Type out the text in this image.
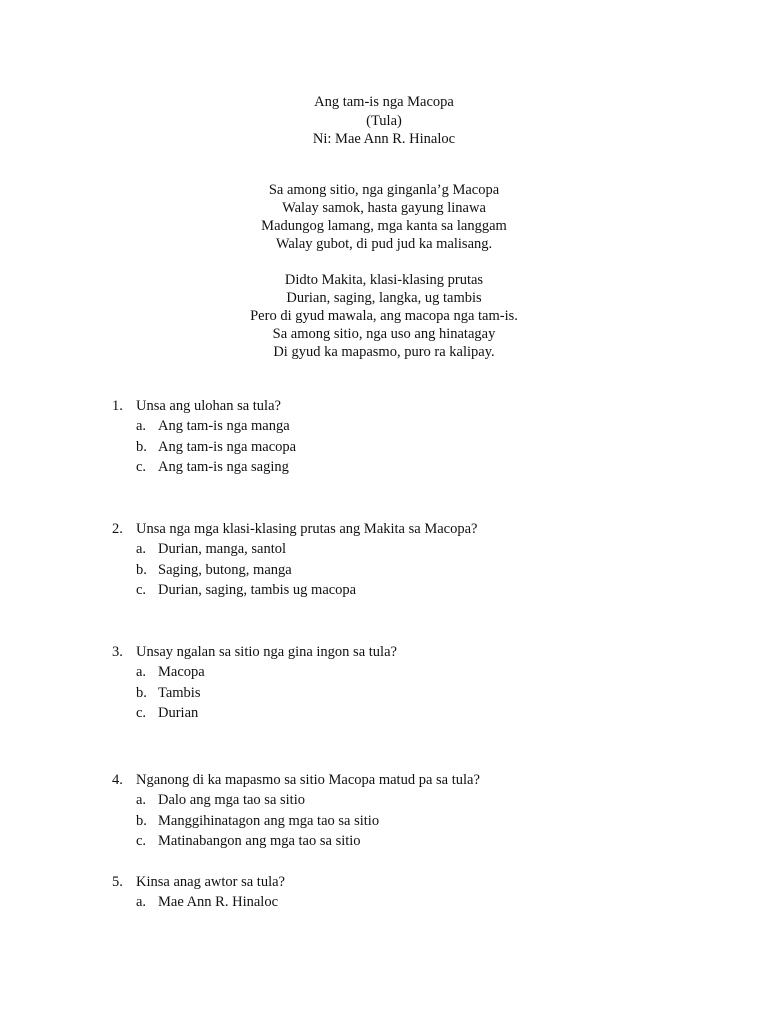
Ang tam-is nga Macopa
(Tula)
Ni: Mae Ann R. Hinaloc
Sa among sitio, nga ginganla’g Macopa
Walay samok, hasta gayung linawa
Madungog lamang, mga kanta sa langgam
Walay gubot, di pud jud ka malisang.
Didto Makita, klasi-klasing prutas
Durian, saging, langka, ug tambis
Pero di gyud mawala, ang macopa nga tam-is.
Sa among sitio, nga uso ang hinatagay
Di gyud ka mapasmo, puro ra kalipay.
1. Unsa ang ulohan sa tula?
a. Ang tam-is nga manga
b. Ang tam-is nga macopa
c. Ang tam-is nga saging
2. Unsa nga mga klasi-klasing prutas ang Makita sa Macopa?
a. Durian, manga, santol
b. Saging, butong, manga
c. Durian, saging, tambis ug macopa
3. Unsay ngalan sa sitio nga gina ingon sa tula?
a. Macopa
b. Tambis
c. Durian
4. Nganong di ka mapasmo sa sitio Macopa matud pa sa tula?
a. Dalo ang mga tao sa sitio
b. Manggihinatagon ang mga tao sa sitio
c. Matinabangon ang mga tao sa sitio
5. Kinsa anag awtor sa tula?
a. Mae Ann R. Hinaloc
